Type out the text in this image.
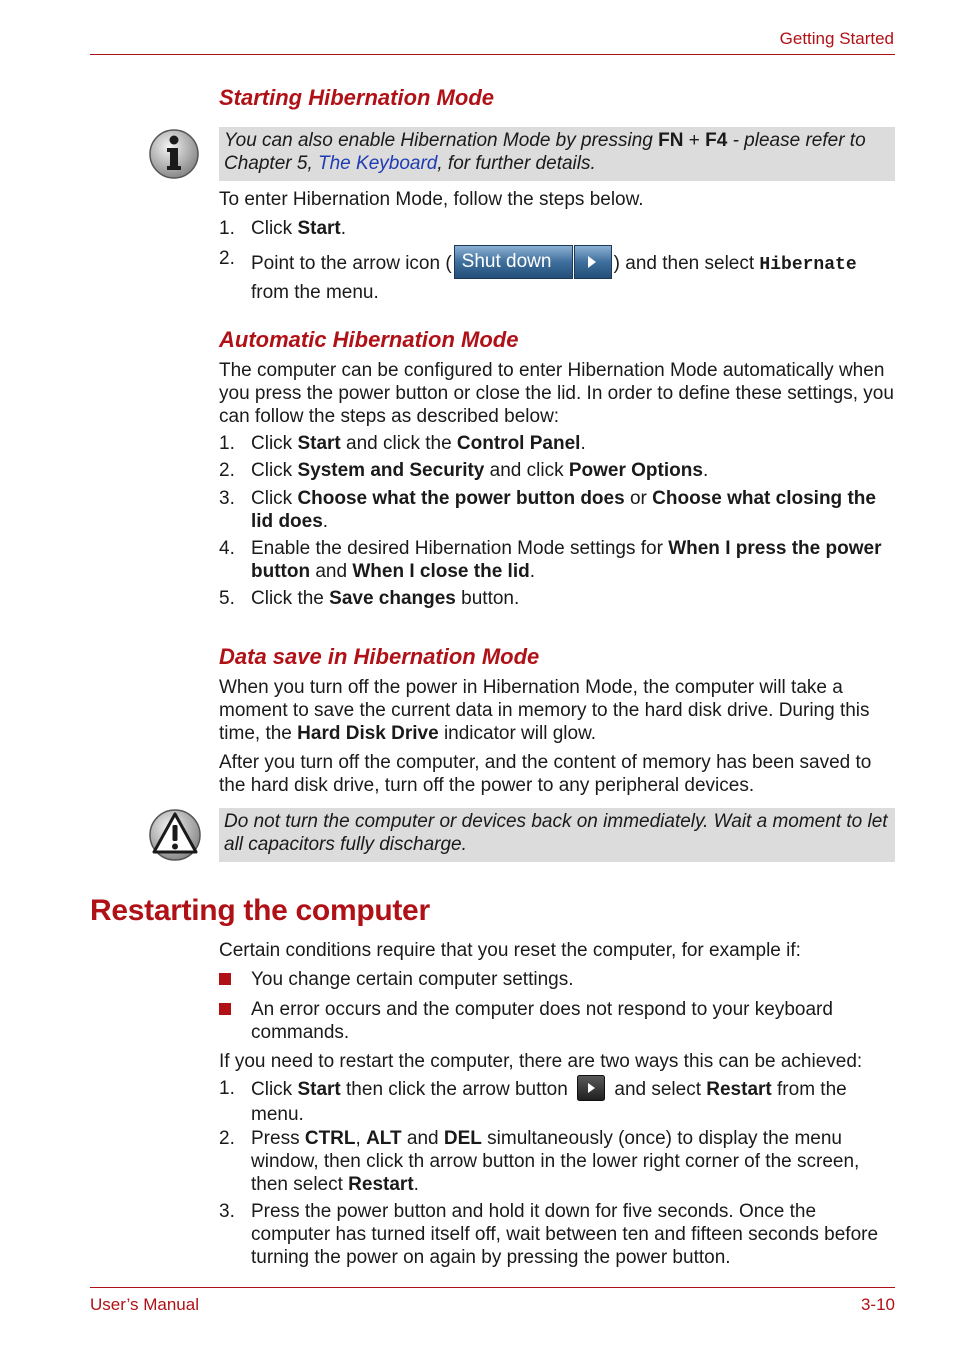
Getting Started
Starting Hibernation Mode
You can also enable Hibernation Mode by pressing FN + F4 - please refer to Chapter 5, The Keyboard, for further details.
To enter Hibernation Mode, follow the steps below.
1. Click Start.
2. Point to the arrow icon ( Shut down	) and then select Hibernate
from the menu.
Automatic Hibernation Mode
The computer can be configured to enter Hibernation Mode automatically when you press the power button or close the lid. In order to define these settings, you can follow the steps as described below:
1. Click Start and click the Control Panel.
2. Click System and Security and click Power Options.
3. Click Choose what the power button does or Choose what closing the lid does.
4. Enable the desired Hibernation Mode settings for When I press the power button and When I close the lid.
5. Click the Save changes button.
Data save in Hibernation Mode
When you turn off the power in Hibernation Mode, the computer will take a moment to save the current data in memory to the hard disk drive. During this time, the Hard Disk Drive indicator will glow.
After you turn off the computer, and the content of memory has been saved to the hard disk drive, turn off the power to any peripheral devices.
Do not turn the computer or devices back on immediately. Wait a moment to let all capacitors fully discharge.
Restarting the computer
Certain conditions require that you reset the computer, for example if:
You change certain computer settings.
An error occurs and the computer does not respond to your keyboard commands.
If you need to restart the computer, there are two ways this can be achieved:
1. Click Start then click the arrow button  and select Restart from the menu.
2. Press CTRL, ALT and DEL simultaneously (once) to display the menu window, then click th arrow button in the lower right corner of the screen, then select Restart.
3. Press the power button and hold it down for five seconds. Once the computer has turned itself off, wait between ten and fifteen seconds before turning the power on again by pressing the power button.
User’s Manual	3-10
